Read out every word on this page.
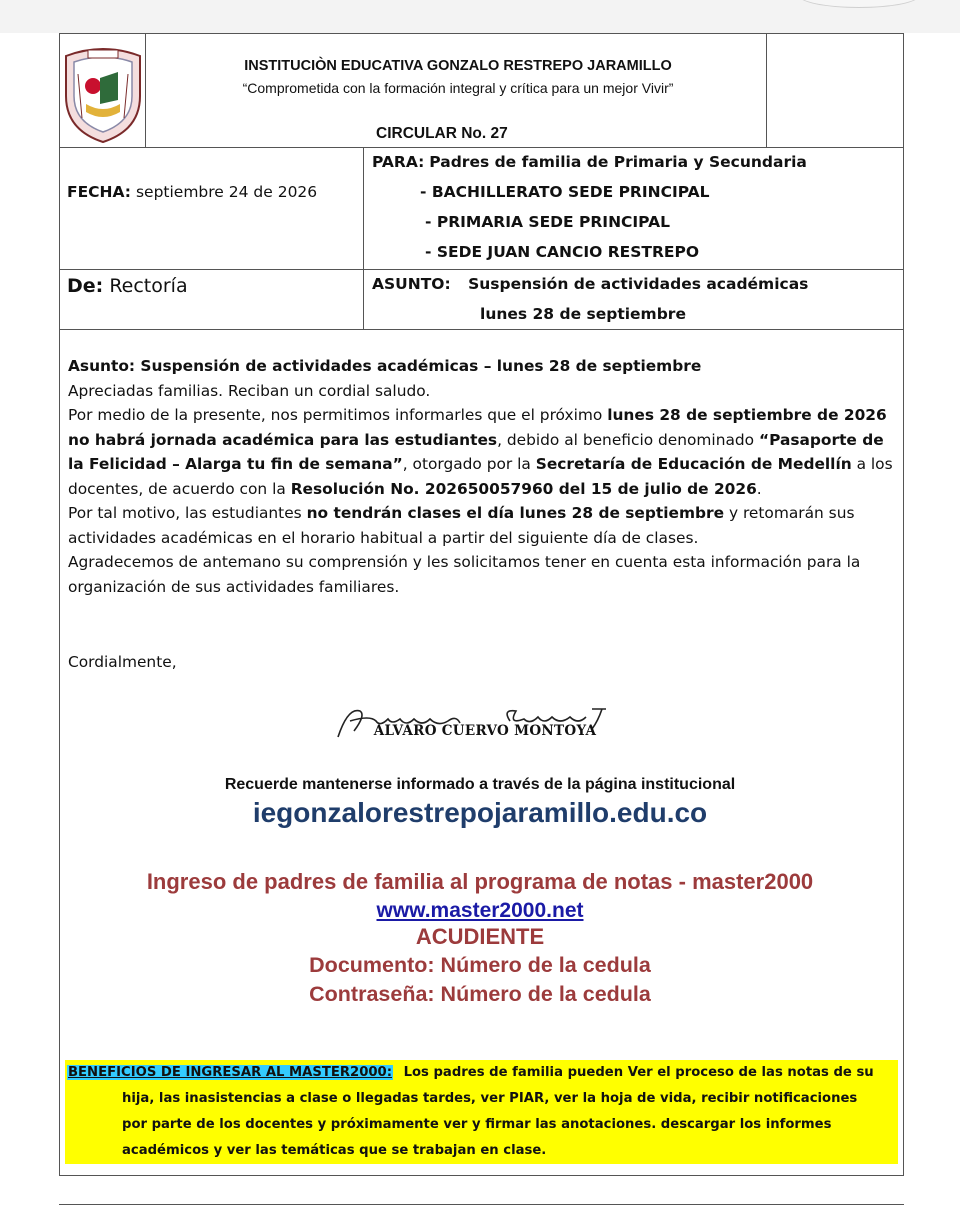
INSTITUCIÒN EDUCATIVA GONZALO RESTREPO JARAMILLO
“Comprometida con la formación integral y crítica para un mejor Vivir”
CIRCULAR No. 27
FECHA: septiembre 24 de 2026
PARA: Padres de familia de Primaria y Secundaria
- BACHILLERATO SEDE PRINCIPAL
- PRIMARIA SEDE PRINCIPAL
- SEDE JUAN CANCIO RESTREPO
De: Rectoría	ASUNTO: Suspensión de actividades académicas
lunes 28 de septiembre

Asunto: Suspensión de actividades académicas – lunes 28 de septiembre

Apreciadas familias. Reciban un cordial saludo.

Por medio de la presente, nos permitimos informarles que el próximo lunes 28 de septiembre de 2026 no habrá jornada académica para las estudiantes, debido al beneficio denominado “Pasaporte de la Felicidad – Alarga tu fin de semana”, otorgado por la Secretaría de Educación de Medellín a los docentes, de acuerdo con la Resolución No. 202650057960 del 15 de julio de 2026.

Por tal motivo, las estudiantes no tendrán clases el día lunes 28 de septiembre y retomarán sus actividades académicas en el horario habitual a partir del siguiente día de clases.

Agradecemos de antemano su comprensión y les solicitamos tener en cuenta esta información para la organización de sus actividades familiares.

Cordialmente,
ALVARO CUERVO MONTOYA
Recuerde mantenerse informado a través de la página institucional
iegonzalorestrepojaramillo.edu.co
Ingreso de padres de familia al programa de notas - master2000
www.master2000.net
ACUDIENTE
Documento: Número de la cedula
Contraseña: Número de la cedula
BENEFICIOS DE INGRESAR AL MASTER2000: Los padres de familia pueden Ver el proceso de las notas de su
hija, las inasistencias a clase o llegadas tardes, ver PIAR, ver la hoja de vida, recibir notificaciones
por parte de los docentes y próximamente ver y firmar las anotaciones. descargar los informes
académicos y ver las temáticas que se trabajan en clase.
